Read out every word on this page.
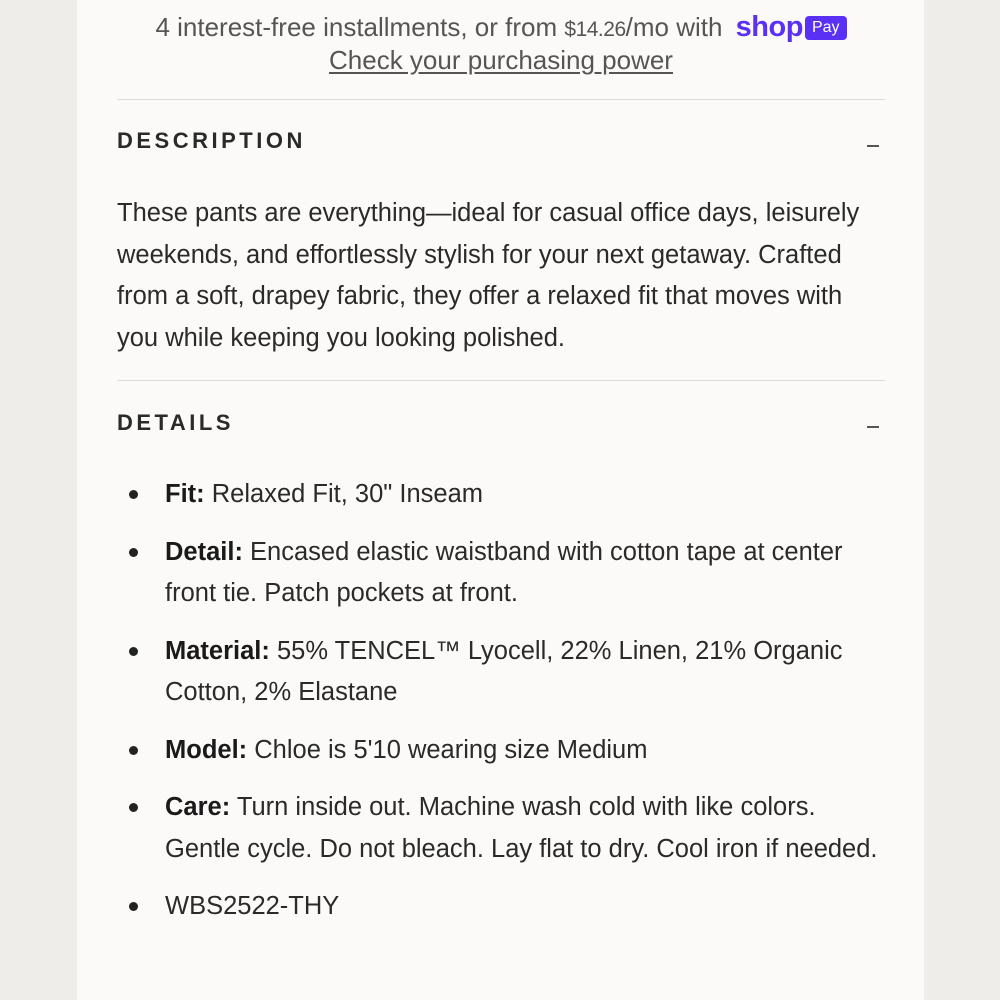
4 interest-free installments, or from $14.26/mo with shop Pay
Check your purchasing power
DESCRIPTION
These pants are everything—ideal for casual office days, leisurely weekends, and effortlessly stylish for your next getaway. Crafted from a soft, drapey fabric, they offer a relaxed fit that moves with you while keeping you looking polished.
DETAILS
Fit: Relaxed Fit, 30" Inseam
Detail: Encased elastic waistband with cotton tape at center front tie. Patch pockets at front.
Material: 55% TENCEL™ Lyocell, 22% Linen, 21% Organic Cotton, 2% Elastane
Model: Chloe is 5'10 wearing size Medium
Care: Turn inside out. Machine wash cold with like colors. Gentle cycle. Do not bleach. Lay flat to dry. Cool iron if needed.
WBS2522-THY
